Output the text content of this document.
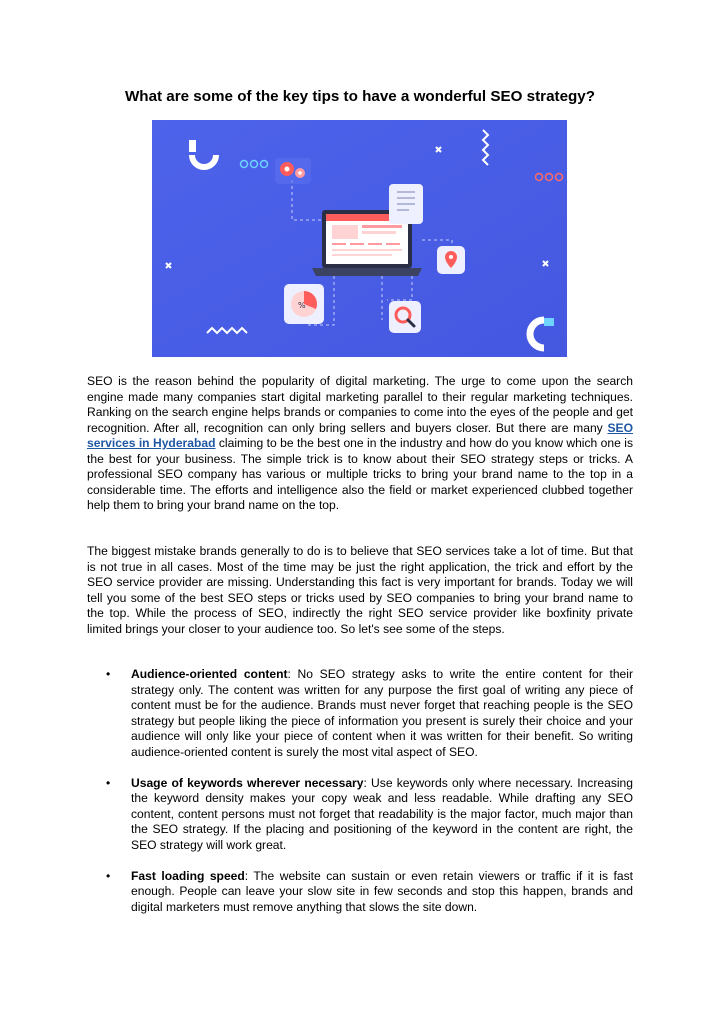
What are some of the key tips to have a wonderful SEO strategy?
%

SEO is the reason behind the popularity of digital marketing. The urge to come upon the search engine made many companies start digital marketing parallel to their regular marketing techniques. Ranking on the search engine helps brands or companies to come into the eyes of the people and get recognition. After all, recognition can only bring sellers and buyers closer. But there are many SEO services in Hyderabad claiming to be the best one in the industry and how do you know which one is the best for your business. The simple trick is to know about their SEO strategy steps or tricks. A professional SEO company has various or multiple tricks to bring your brand name to the top in a considerable time. The efforts and intelligence also the field or market experienced clubbed together help them to bring your brand name on the top.

The biggest mistake brands generally to do is to believe that SEO services take a lot of time. But that is not true in all cases. Most of the time may be just the right application, the trick and effort by the SEO service provider are missing. Understanding this fact is very important for brands. Today we will tell you some of the best SEO steps or tricks used by SEO companies to bring your brand name to the top. While the process of SEO, indirectly the right SEO service provider like boxfinity private limited brings your closer to your audience too. So let's see some of the steps.

• Audience-oriented content: No SEO strategy asks to write the entire content for their strategy only. The content was written for any purpose the first goal of writing any piece of content must be for the audience. Brands must never forget that reaching people is the SEO strategy but people liking the piece of information you present is surely their choice and your audience will only like your piece of content when it was written for their benefit. So writing audience-oriented content is surely the most vital aspect of SEO.
• Usage of keywords wherever necessary: Use keywords only where necessary. Increasing the keyword density makes your copy weak and less readable. While drafting any SEO content, content persons must not forget that readability is the major factor, much major than the SEO strategy. If the placing and positioning of the keyword in the content are right, the SEO strategy will work great.
• Fast loading speed: The website can sustain or even retain viewers or traffic if it is fast enough. People can leave your slow site in few seconds and stop this happen, brands and digital marketers must remove anything that slows the site down.
